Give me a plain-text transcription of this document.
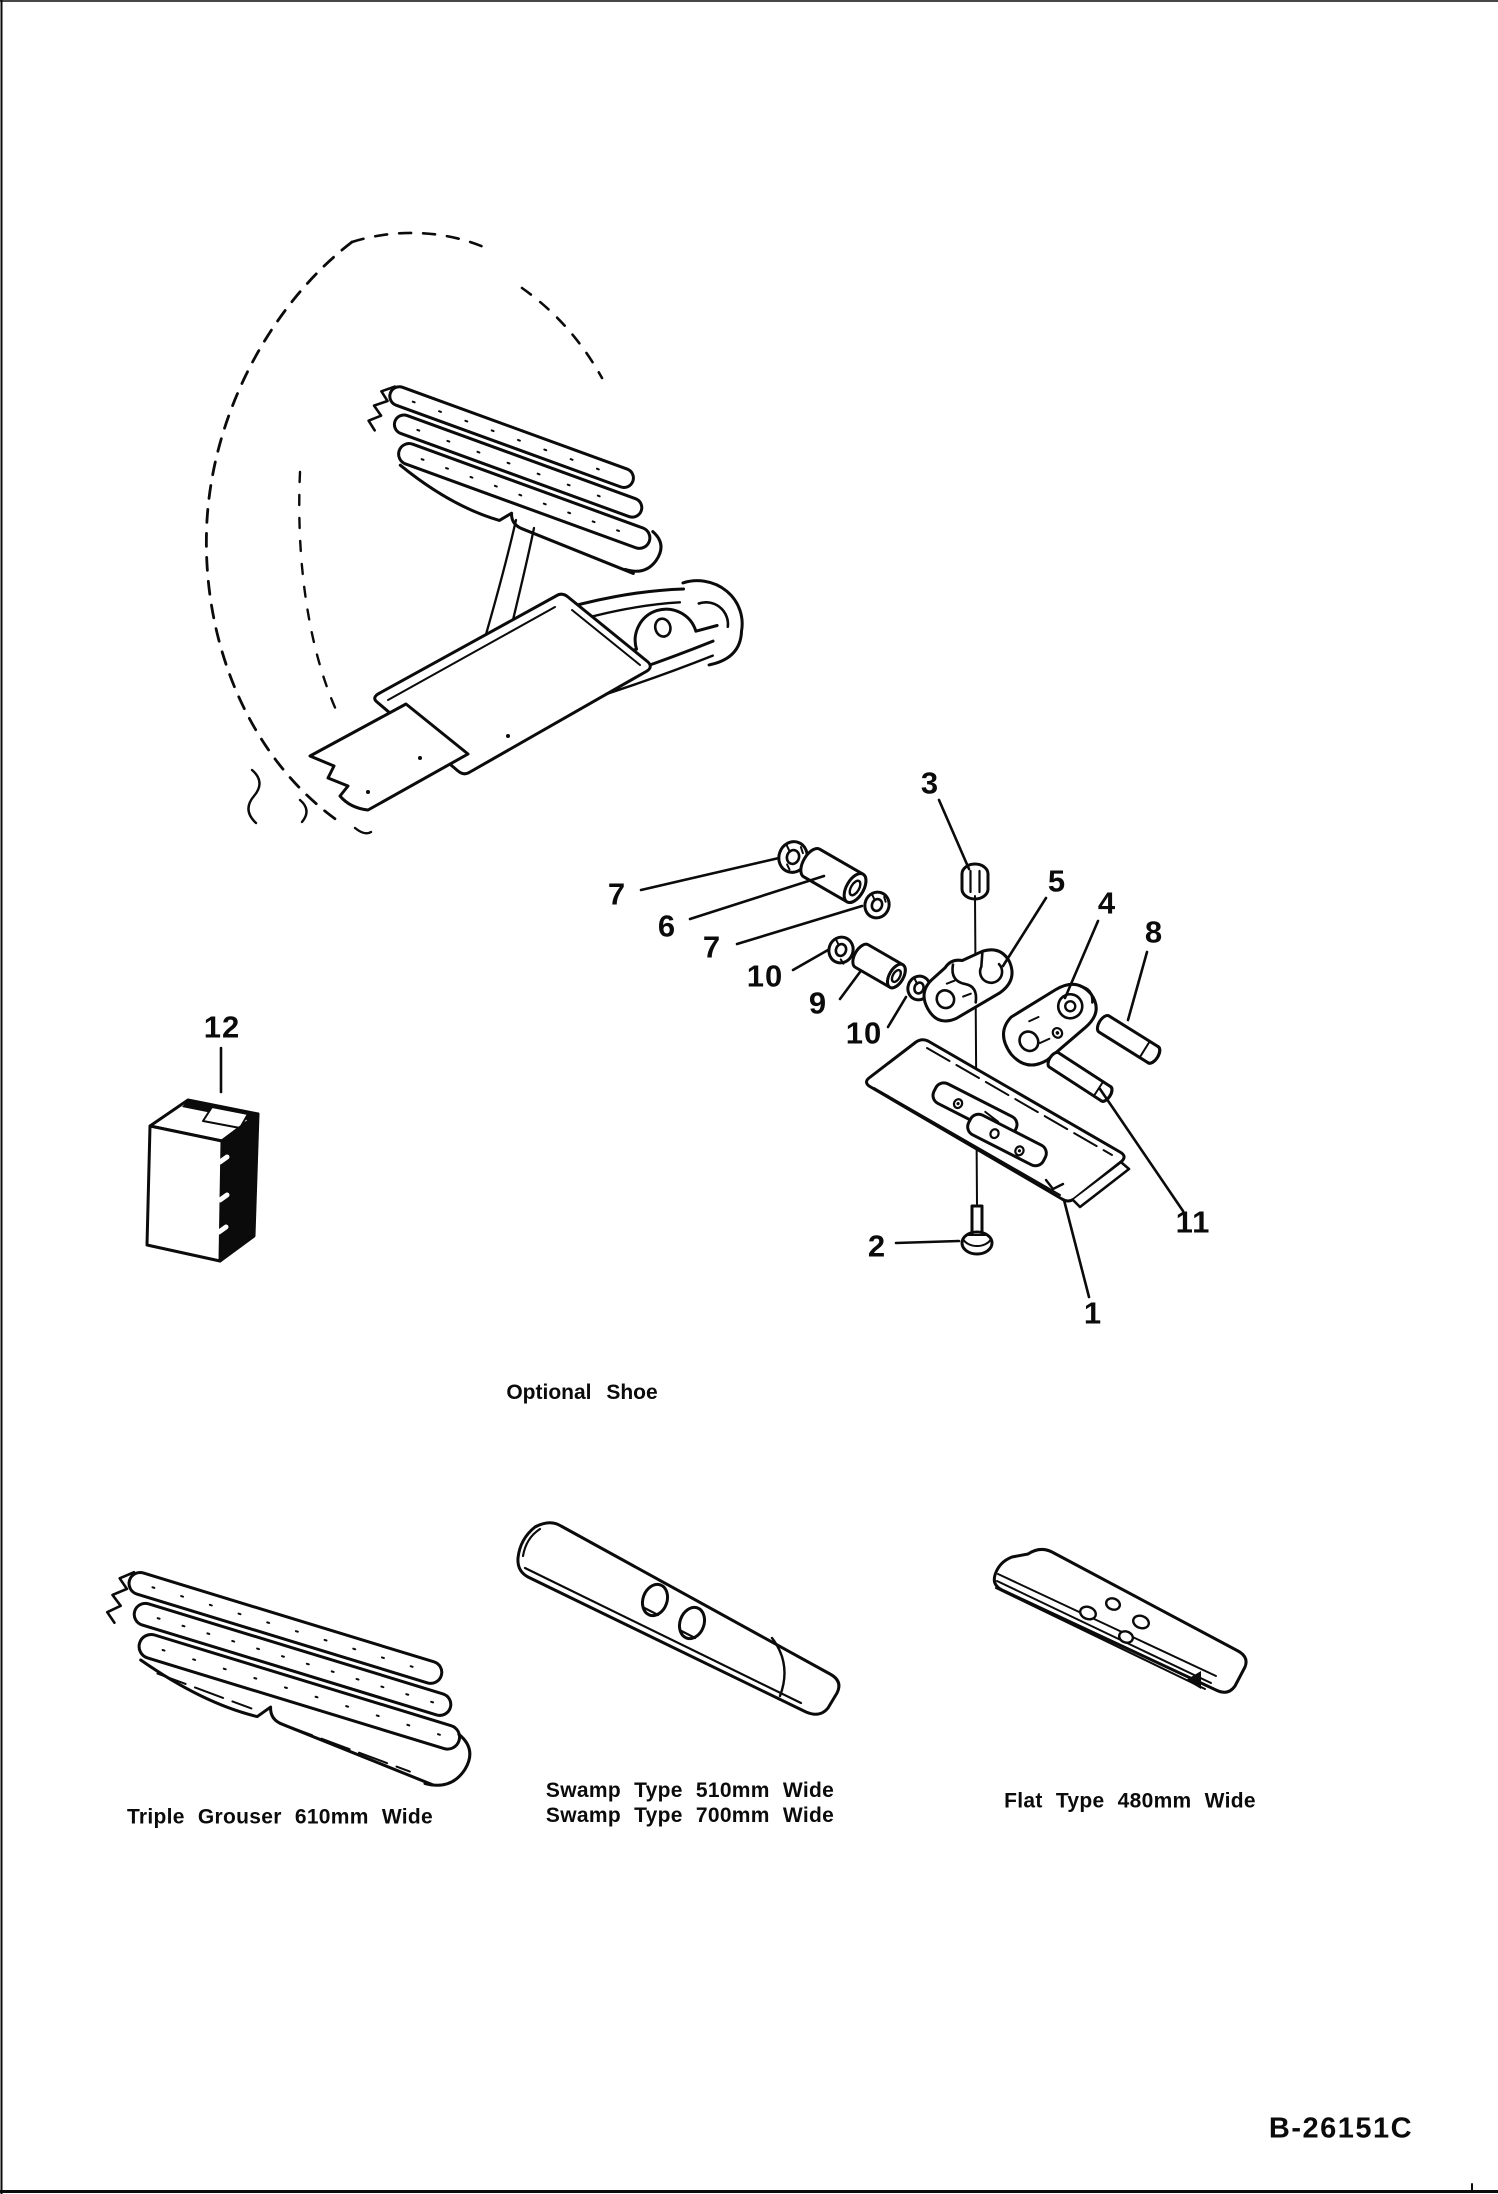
1
2
3
4
5
6
7
7	8
9
10
10
11
12
Optional Shoe
Triple Grouser 610mm Wide
Swamp Type 510mm Wide
Swamp Type 700mm Wide
Flat Type 480mm Wide
B-26151C
